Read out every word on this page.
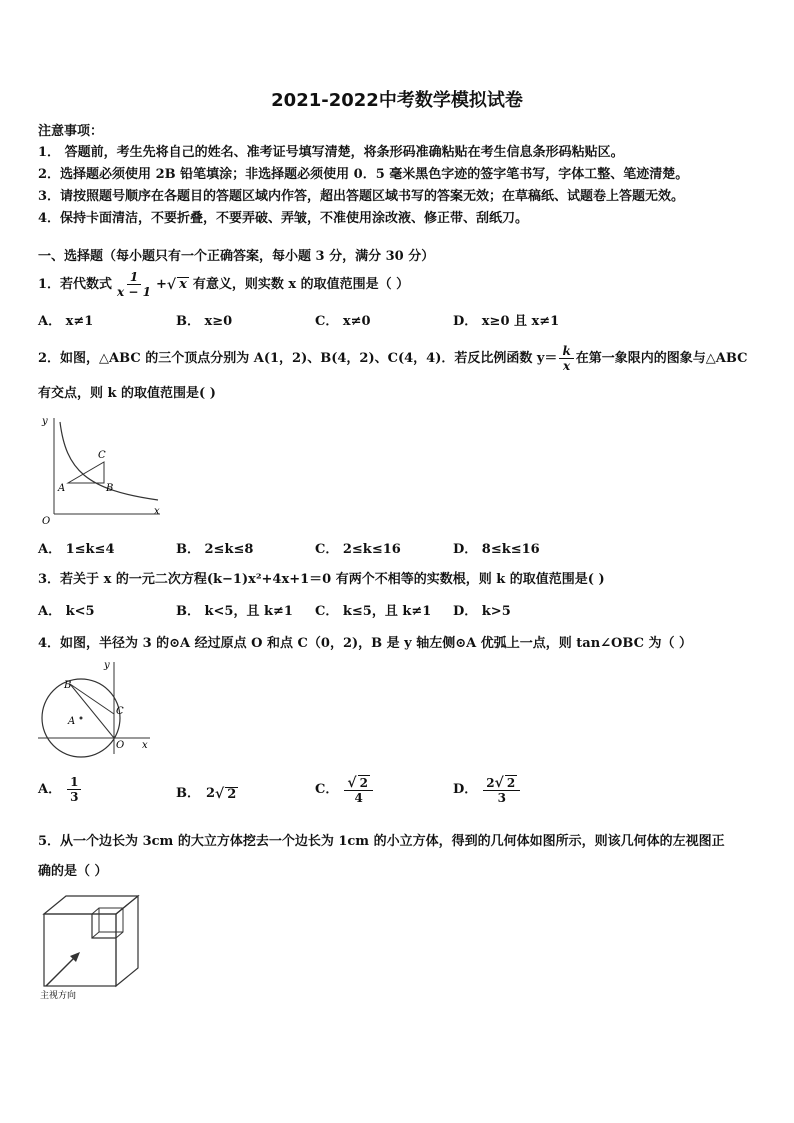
2021-2022中考数学模拟试卷
注意事项：
1． 答题前，考生先将自己的姓名、准考证号填写清楚，将条形码准确粘贴在考生信息条形码粘贴区。
2．选择题必须使用 2B 铅笔填涂；非选择题必须使用 0．5 毫米黑色字迹的签字笔书写，字体工整、笔迹清楚。
3．请按照题号顺序在各题目的答题区域内作答，超出答题区域书写的答案无效；在草稿纸、试题卷上答题无效。
4．保持卡面清洁，不要折叠，不要弄破、弄皱，不准使用涂改液、修正带、刮纸刀。
一、选择题（每小题只有一个正确答案，每小题 3 分，满分 30 分）
1．若代数式 $\frac{1}{x - 1}$ + √ x 有意义，则实数 x 的取值范围是（ ）
A． x≠1	B． x≥0	C． x≠0	D． x≥0 且 x≠1
2．如图，△ABC 的三个顶点分别为 A(1，2)、B(4，2)、C(4，4)．若反比例函数 $y= \frac{k}{x}$ 在第一象限内的图象与△ABC
有交点，则 k 的取值范围是( )
y
x
O
A	B
C
A． 1≤k≤4	B． 2≤k≤8	C． 2≤k≤16	D． 8≤k≤16
3．若关于 x 的一元二次方程(k−1)x²+4x+1＝0 有两个不相等的实数根，则 k 的取值范围是( )
A． k<5	B． k<5，且 k≠1 C． k≤5，且 k≠1 D． k>5
4．如图，半径为 3 的⊙A 经过原点 O 和点 C（0，2)，B 是 y 轴左侧⊙A 优弧上一点，则 tan∠OBC 为（ ）
y
x
O
A
B
C
A． $\frac{1}{3}$	B． 2 √ 2	C． $\frac{√ 2}{4}$	D． $\frac{2√ 2}{3}$
5．从一个边长为 3cm 的大立方体挖去一个边长为 1cm 的小立方体，得到的几何体如图所示，则该几何体的左视图正
确的是（ ）
主视方向
